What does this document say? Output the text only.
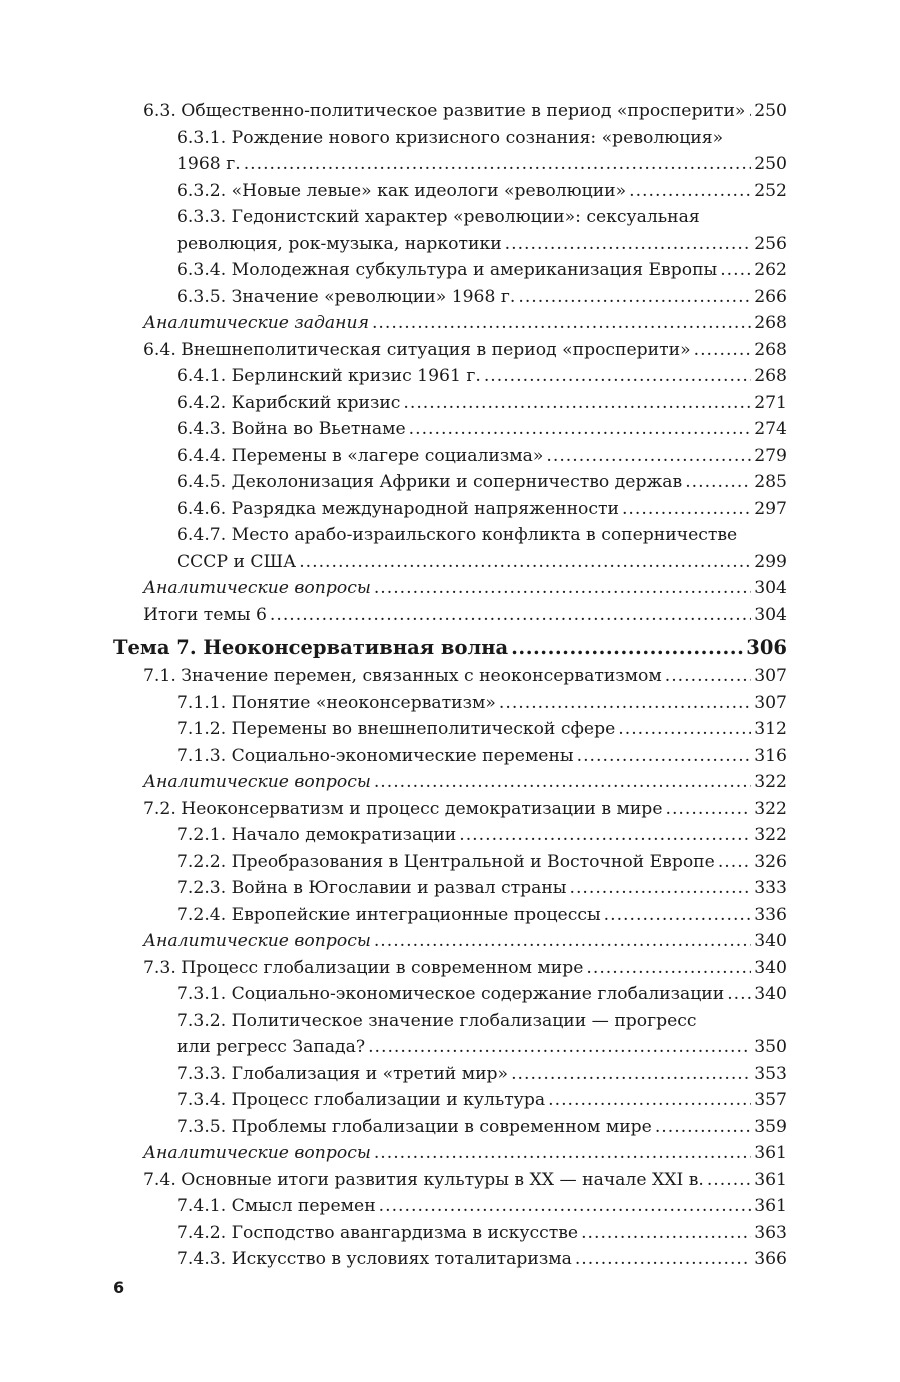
6.3. Общественно-политическое развитие в период «просперити» ..... 250
6.3.1. Рождение нового кризисного сознания: «революция»
1968 г. .....	250
6.3.2. «Новые левые» как идеологи «революции» .....	252
6.3.3. Гедонистский характер «революции»: сексуальная
революция, рок-музыка, наркотики .....	256
6.3.4. Молодежная субкультура и американизация Европы ..... 262
6.3.5. Значение «революции» 1968 г. .....	266
Аналитические задания .....	268
6.4. Внешнеполитическая ситуация в период «просперити» .....	268
6.4.1. Берлинский кризис 1961 г. .....	268
6.4.2. Карибский кризис .....	271
6.4.3. Война во Вьетнаме .....	274
6.4.4. Перемены в «лагере социализма» .....	279
6.4.5. Деколонизация Африки и соперничество держав .....	285
6.4.6. Разрядка международной напряженности .....	297
6.4.7. Место арабо-израильского конфликта в соперничестве
СССР и США .....	299
Аналитические вопросы .....	304
Итоги темы 6 .....	304
Тема 7. Неоконсервативная волна .....	306
7.1. Значение перемен, связанных с неоконсерватизмом .....	307
7.1.1. Понятие «неоконсерватизм» .....	307
7.1.2. Перемены во внешнеполитической сфере .....	312
7.1.3. Социально-экономические перемены .....	316
Аналитические вопросы .....	322
7.2. Неоконсерватизм и процесс демократизации в мире .....	322
7.2.1. Начало демократизации .....	322
7.2.2. Преобразования в Центральной и Восточной Европе ..... 326
7.2.3. Война в Югославии и развал страны .....	333
7.2.4. Европейские интеграционные процессы .....	336
Аналитические вопросы .....	340
7.3. Процесс глобализации в современном мире .....	340
7.3.1. Социально-экономическое содержание глобализации ..... 340
7.3.2. Политическое значение глобализации — прогресс
или регресс Запада? .....	350
7.3.3. Глобализация и «третий мир» .....	353
7.3.4. Процесс глобализации и культура .....	357
7.3.5. Проблемы глобализации в современном мире .....	359
Аналитические вопросы .....	361
7.4. Основные итоги развития культуры в XX — начале XXI в. .....	361
7.4.1. Смысл перемен .....	361
7.4.2. Господство авангардизма в искусстве .....	363
7.4.3. Искусство в условиях тоталитаризма .....	366
6
